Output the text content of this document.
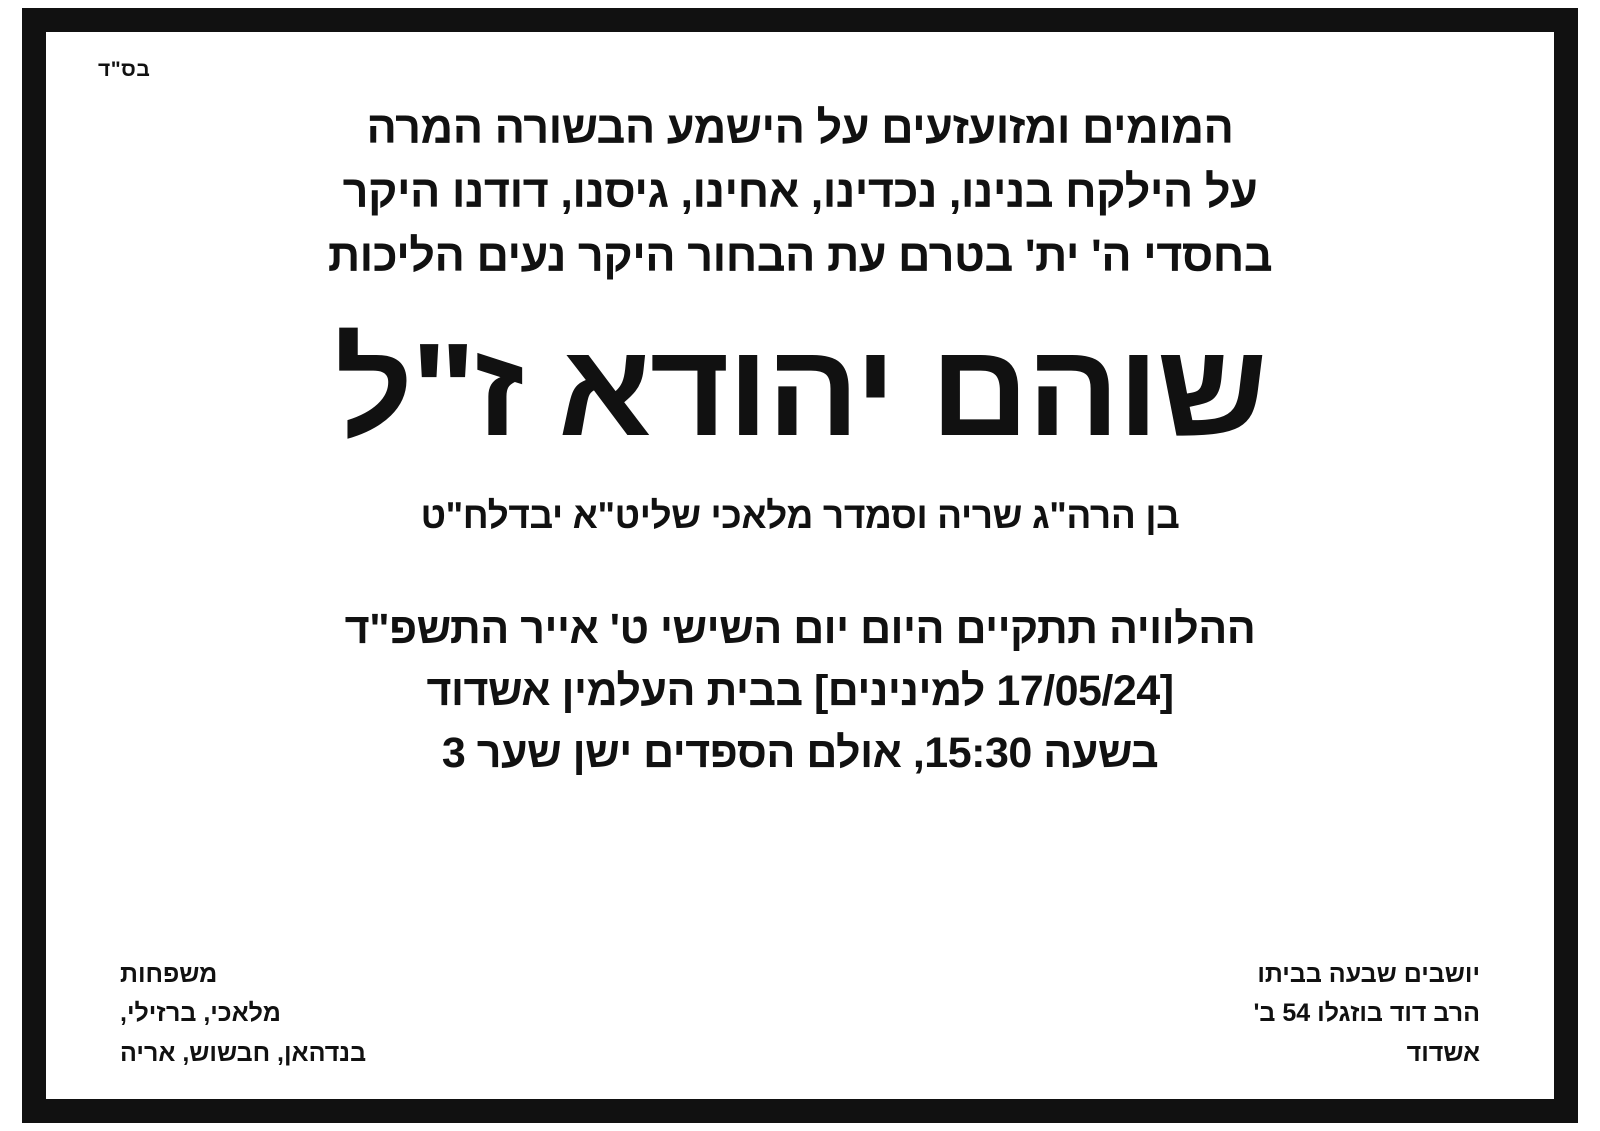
בס"ד
המומים ומזועזעים על הישמע הבשורה המרה
על הילקח בנינו, נכדינו, אחינו, גיסנו, דודנו היקר
בחסדי ה' ית' בטרם עת הבחור היקר נעים הליכות
שוהם יהודא ז"ל
בן הרה"ג שריה וסמדר מלאכי שליט"א יבדלח"ט
ההלוויה תתקיים היום יום השישי ט' אייר התשפ"ד
[17/05/24 למינינים] בבית העלמין אשדוד
בשעה 15:30, אולם הספדים ישן שער 3
יושבים שבעה בביתו
הרב דוד בוזגלו 54 ב'
אשדוד
משפחות
מלאכי, ברזילי,
בנדהאן, חבשוש, אריה
